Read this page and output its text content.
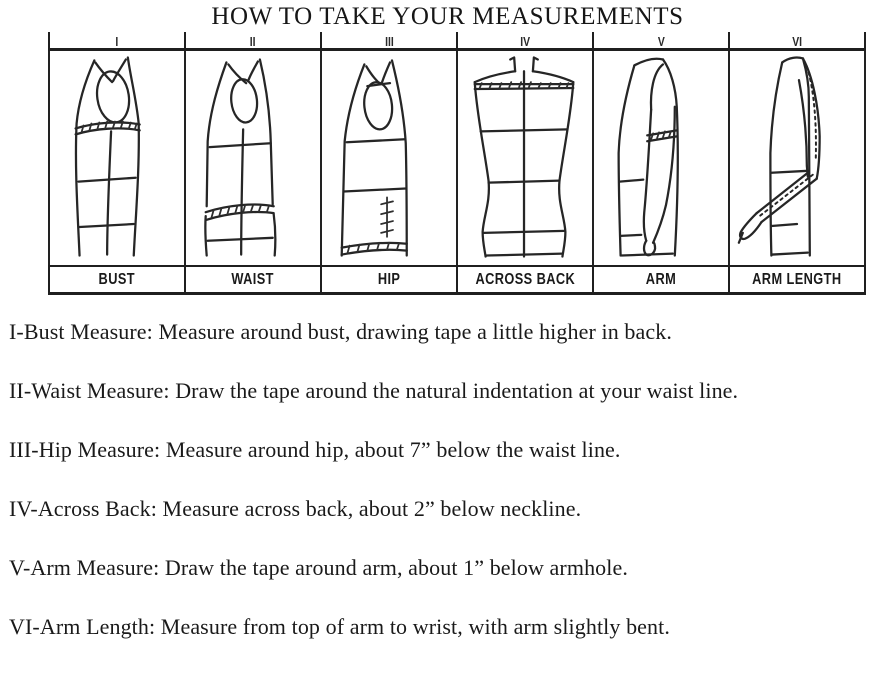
HOW TO TAKE YOUR MEASUREMENTS
I	II	III	IV	V	VI
BUST	WAIST	HIP	ACROSS BACK	ARM	ARM LENGTH

I-Bust Measure: Measure around bust, drawing tape a little higher in back.

II-Waist Measure: Draw the tape around the natural indentation at your waist line.

III-Hip Measure: Measure around hip, about 7” below the waist line.

IV-Across Back: Measure across back, about 2” below neckline.

V-Arm Measure: Draw the tape around arm, about 1” below armhole.

VI-Arm Length: Measure from top of arm to wrist, with arm slightly bent.
